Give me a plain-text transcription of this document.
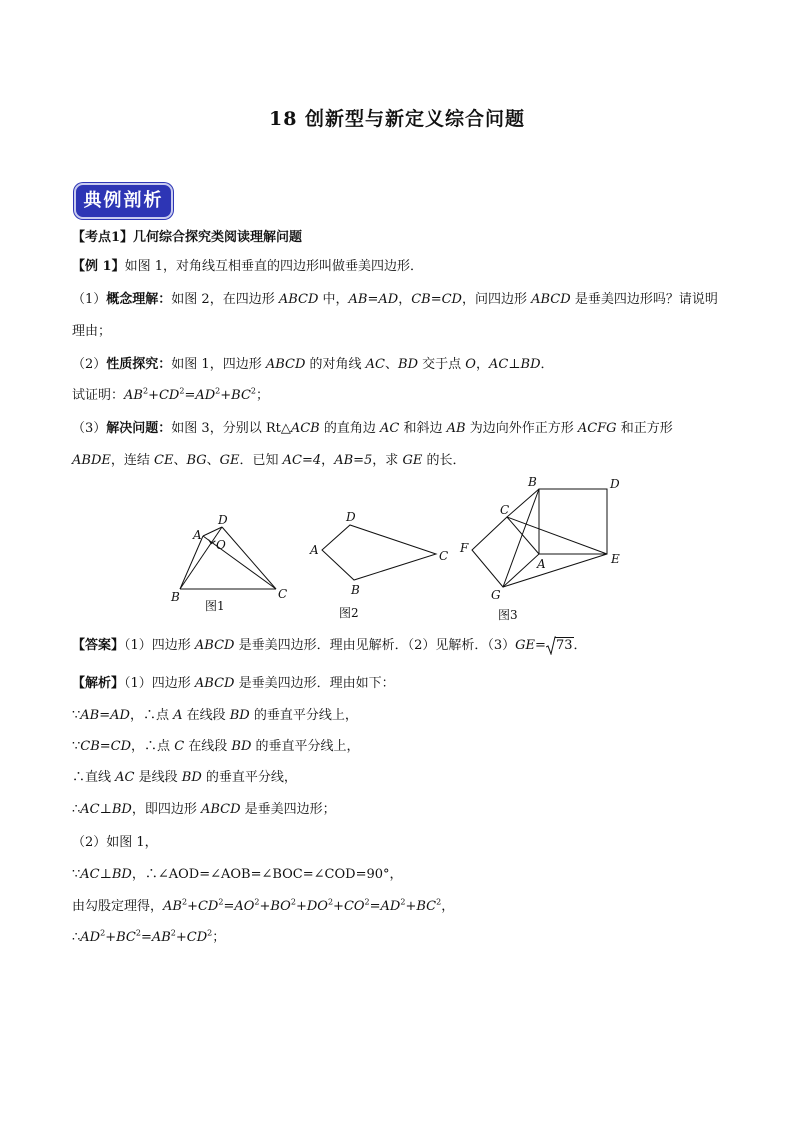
18 创新型与新定义综合问题
典例剖析
【考点1】几何综合探究类阅读理解问题
【例 1】如图 1，对角线互相垂直的四边形叫做垂美四边形．
（1）概念理解：如图 2，在四边形 ABCD 中，AB=AD，CB=CD，问四边形 ABCD 是垂美四边形吗？请说明
理由；
（2）性质探究：如图 1，四边形 ABCD 的对角线 AC、BD 交于点 O，AC⊥BD．
试证明：$AB^2+CD^2=AD^2+BC^2$；
（3）解决问题：如图 3，分别以 Rt△ACB 的直角边 AC 和斜边 AB 为边向外作正方形 ACFG 和正方形
ABDE，连结 CE、BG、GE．已知 AC=4，AB=5，求 GE 的长．
D
A
O
B	C
图1
D
A	C
B
图2
B	D
C
F
E
A
G
图3
【答案】（1）四边形 ABCD 是垂美四边形．理由见解析．（2）见解析．（3）GE= 73．
【解析】（1）四边形 ABCD 是垂美四边形．理由如下：
∵AB=AD，∴点 A 在线段 BD 的垂直平分线上，
∵CB=CD，∴点 C 在线段 BD 的垂直平分线上，
∴直线 AC 是线段 BD 的垂直平分线，
∴AC⊥BD，即四边形 ABCD 是垂美四边形；
（2）如图 1，
∵AC⊥BD，∴∠AOD=∠AOB=∠BOC=∠COD=90°，
由勾股定理得，$AB^2+CD^2=AO^2+BO^2+DO^2+CO^2=AD^2+BC^2$，
$\therefore AD^2+BC^2=AB^2+CD^2$；
